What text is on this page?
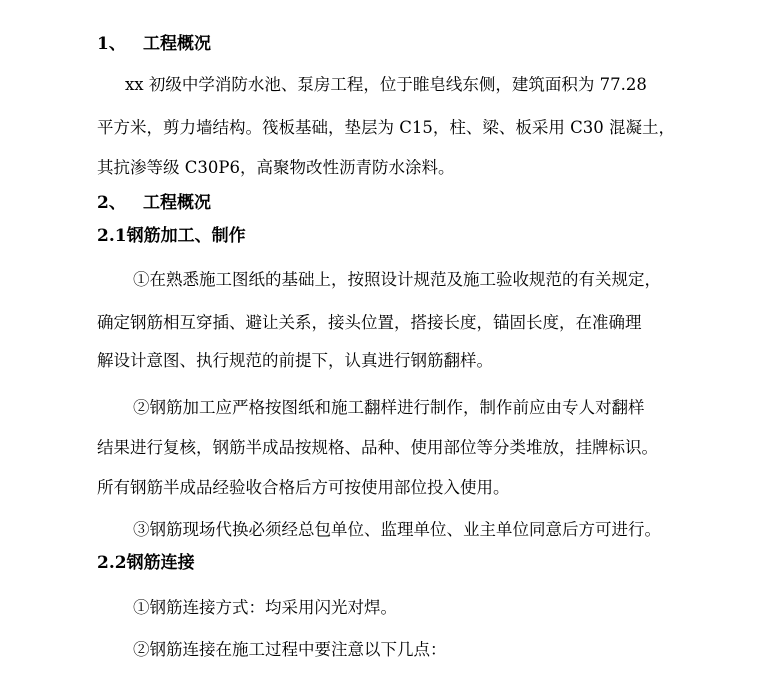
1、 工程概况
xx 初级中学消防水池、泵房工程，位于睢皂线东侧，建筑面积为 77.28
平方米，剪力墙结构。筏板基础，垫层为 C15，柱、梁、板采用 C30 混凝土，
其抗渗等级 C30P6，高聚物改性沥青防水涂料。
2、 工程概况
2.1钢筋加工、制作
①在熟悉施工图纸的基础上，按照设计规范及施工验收规范的有关规定，
确定钢筋相互穿插、避让关系，接头位置，搭接长度，锚固长度，在准确理
解设计意图、执行规范的前提下，认真进行钢筋翻样。
②钢筋加工应严格按图纸和施工翻样进行制作，制作前应由专人对翻样
结果进行复核，钢筋半成品按规格、品种、使用部位等分类堆放，挂牌标识。
所有钢筋半成品经验收合格后方可按使用部位投入使用。
③钢筋现场代换必须经总包单位、监理单位、业主单位同意后方可进行。
2.2钢筋连接
①钢筋连接方式：均采用闪光对焊。
②钢筋连接在施工过程中要注意以下几点：
